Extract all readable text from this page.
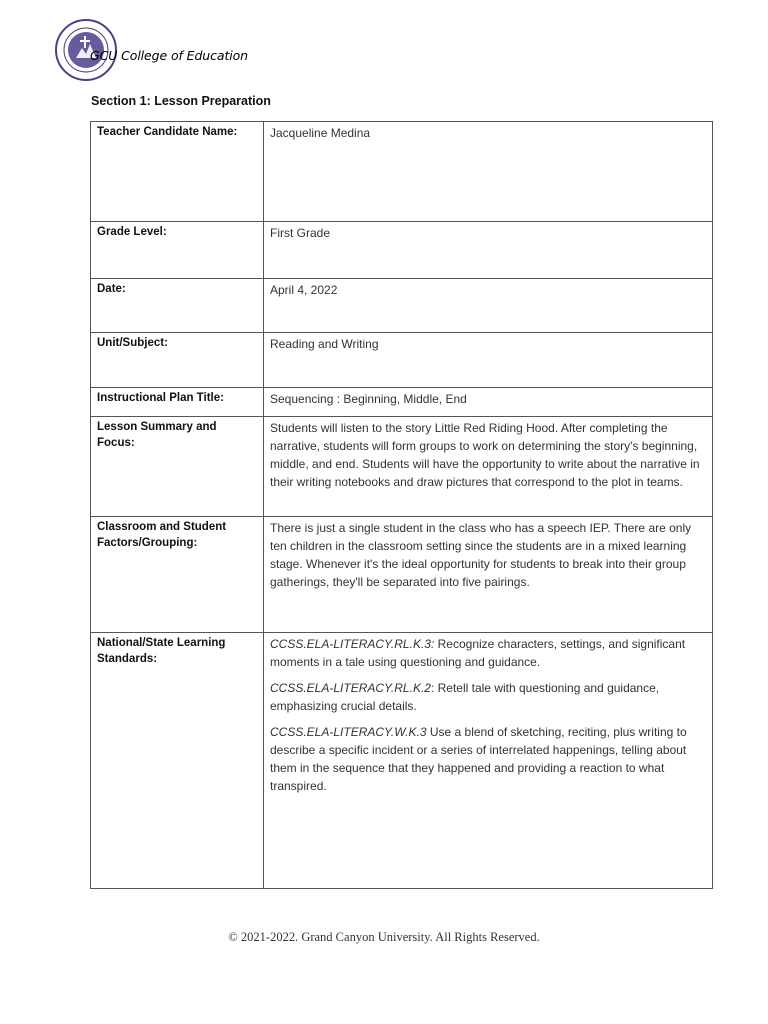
GCU College of Education
Section 1: Lesson Preparation
Teacher Candidate Name:	Jacqueline Medina
Grade Level:	First Grade
Date:	April 4, 2022
Unit/Subject:	Reading and Writing
Instructional Plan Title:	Sequencing : Beginning, Middle, End
Lesson Summary and Focus:	Students will listen to the story Little Red Riding Hood. After completing the narrative, students will form groups to work on determining the story's beginning, middle, and end. Students will have the opportunity to write about the narrative in their writing notebooks and draw pictures that correspond to the plot in teams.
Classroom and Student Factors/Grouping:	There is just a single student in the class who has a speech IEP. There are only ten children in the classroom setting since the students are in a mixed learning stage. Whenever it's the ideal opportunity for students to break into their group gatherings, they'll be separated into five pairings.
National/State Learning Standards:	CCSS.ELA-LITERACY.RL.K.3: Recognize characters, settings, and significant moments in a tale using questioning and guidance.

CCSS.ELA-LITERACY.RL.K.2: Retell tale with questioning and guidance, emphasizing crucial details.

CCSS.ELA-LITERACY.W.K.3 Use a blend of sketching, reciting, plus writing to describe a specific incident or a series of interrelated happenings, telling about them in the sequence that they happened and providing a reaction to what transpired.

© 2021-2022. Grand Canyon University. All Rights Reserved.
